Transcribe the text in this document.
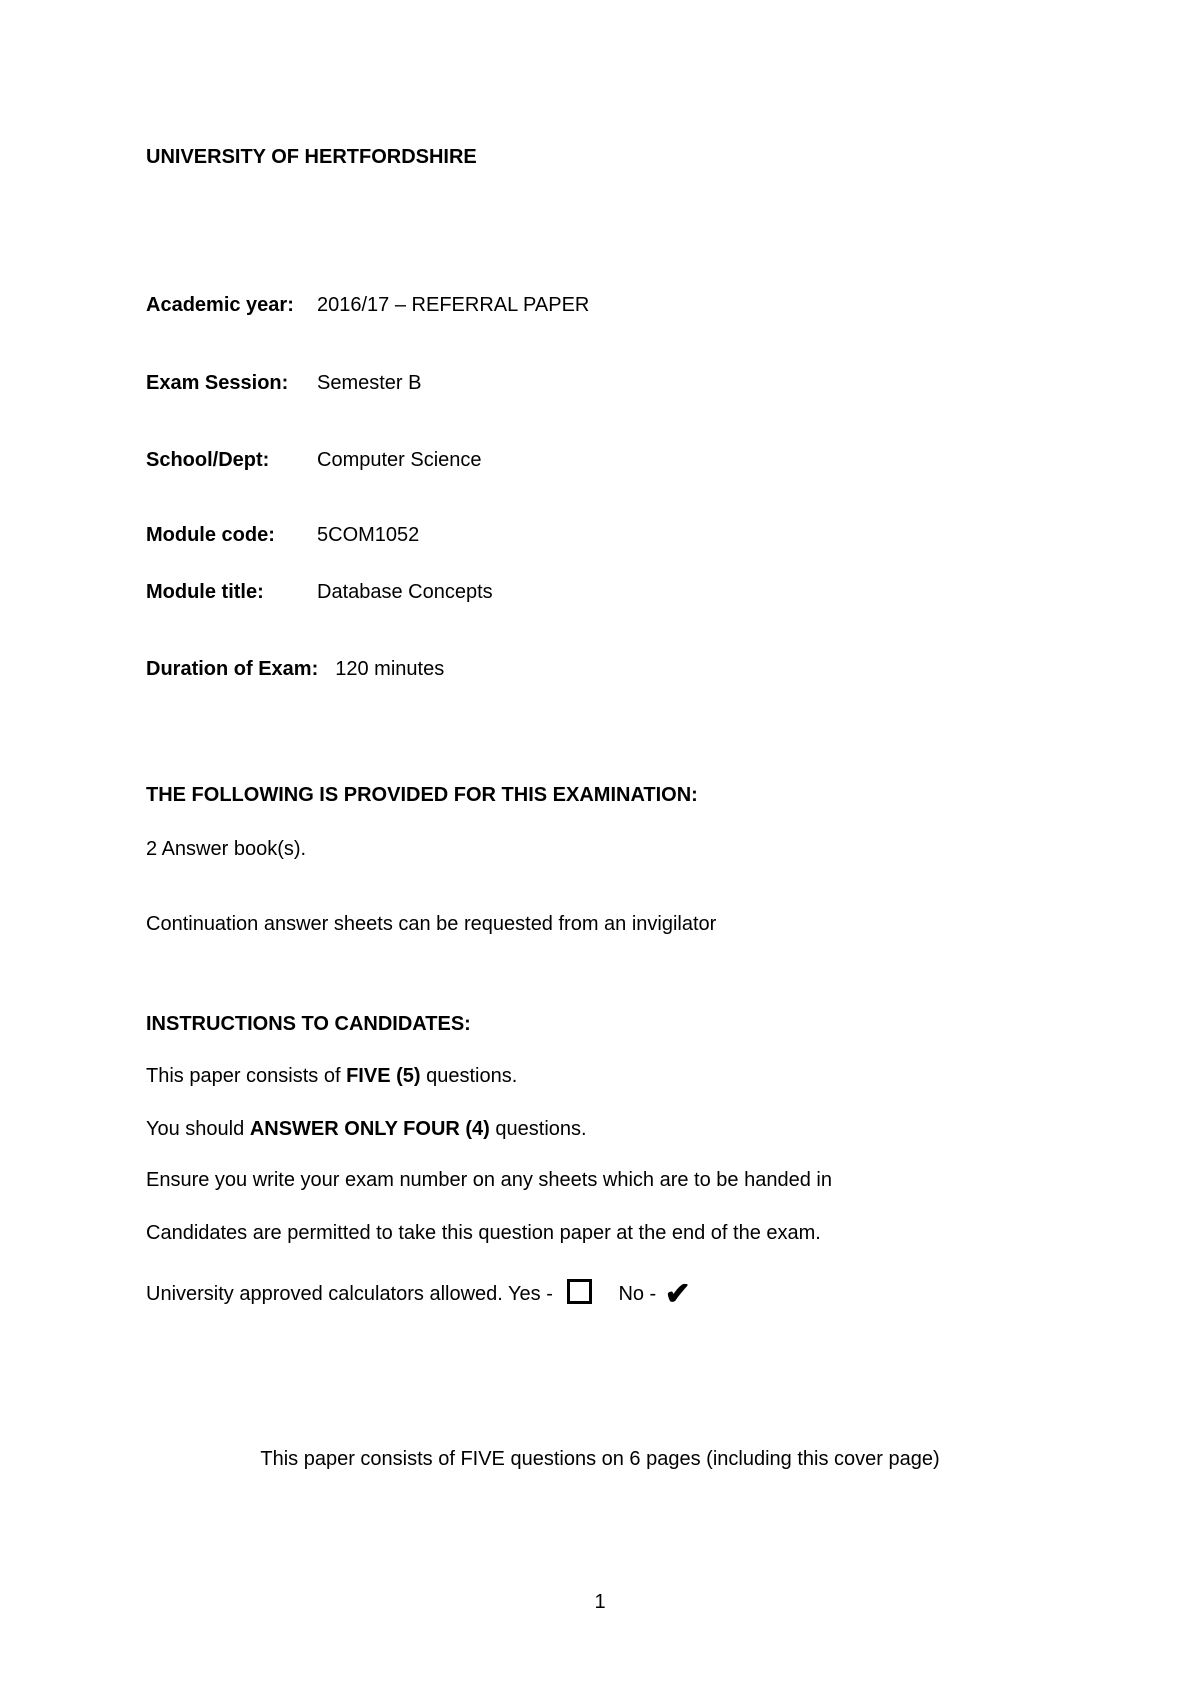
UNIVERSITY OF HERTFORDSHIRE
Academic year: 2016/17 – REFERRAL PAPER
Exam Session: Semester B
School/Dept: Computer Science
Module code: 5COM1052
Module title:	Database Concepts
Duration of Exam: 120 minutes
THE FOLLOWING IS PROVIDED FOR THIS EXAMINATION:
2 Answer book(s).
Continuation answer sheets can be requested from an invigilator
INSTRUCTIONS TO CANDIDATES:
This paper consists of FIVE (5) questions.
You should ANSWER ONLY FOUR (4) questions.
Ensure you write your exam number on any sheets which are to be handed in
Candidates are permitted to take this question paper at the end of the exam.
University approved calculators allowed. Yes -	No - ✔
This paper consists of FIVE questions on 6 pages (including this cover page)
1
